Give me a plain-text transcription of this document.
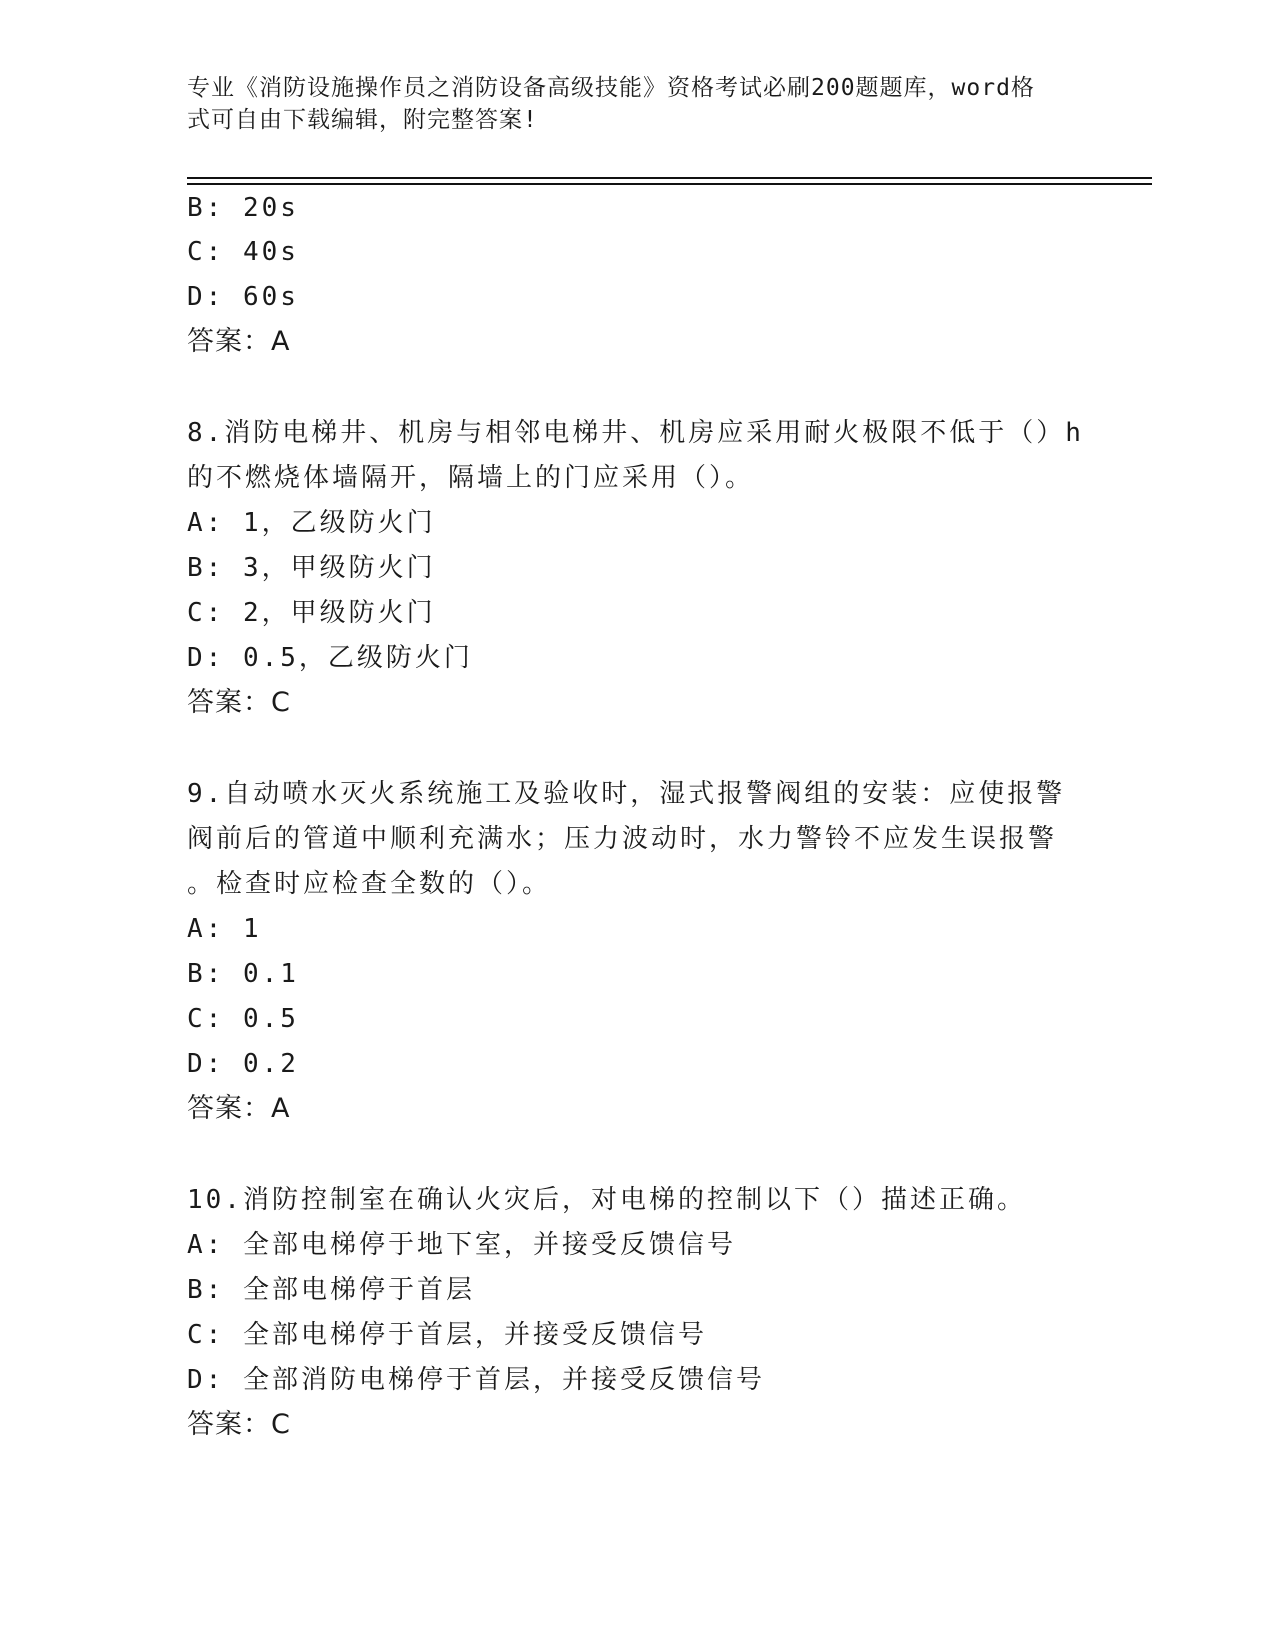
专业《消防设施操作员之消防设备高级技能》资格考试必刷200题题库，word格
式可自由下载编辑，附完整答案!
B: 20s
C: 40s
D: 60s
答案：A
8.消防电梯井、机房与相邻电梯井、机房应采用耐火极限不低于（）h
的不燃烧体墙隔开，隔墙上的门应采用（）。
A: 1，乙级防火门
B: 3，甲级防火门
C: 2，甲级防火门
D: 0.5，乙级防火门
答案：C
9.自动喷水灭火系统施工及验收时，湿式报警阀组的安装：应使报警
阀前后的管道中顺利充满水；压力波动时，水力警铃不应发生误报警
。检查时应检查全数的（）。
A: 1
B: 0.1
C: 0.5
D: 0.2
答案：A
10.消防控制室在确认火灾后，对电梯的控制以下（）描述正确。
A: 全部电梯停于地下室，并接受反馈信号
B: 全部电梯停于首层
C: 全部电梯停于首层，并接受反馈信号
D: 全部消防电梯停于首层，并接受反馈信号
答案：C
